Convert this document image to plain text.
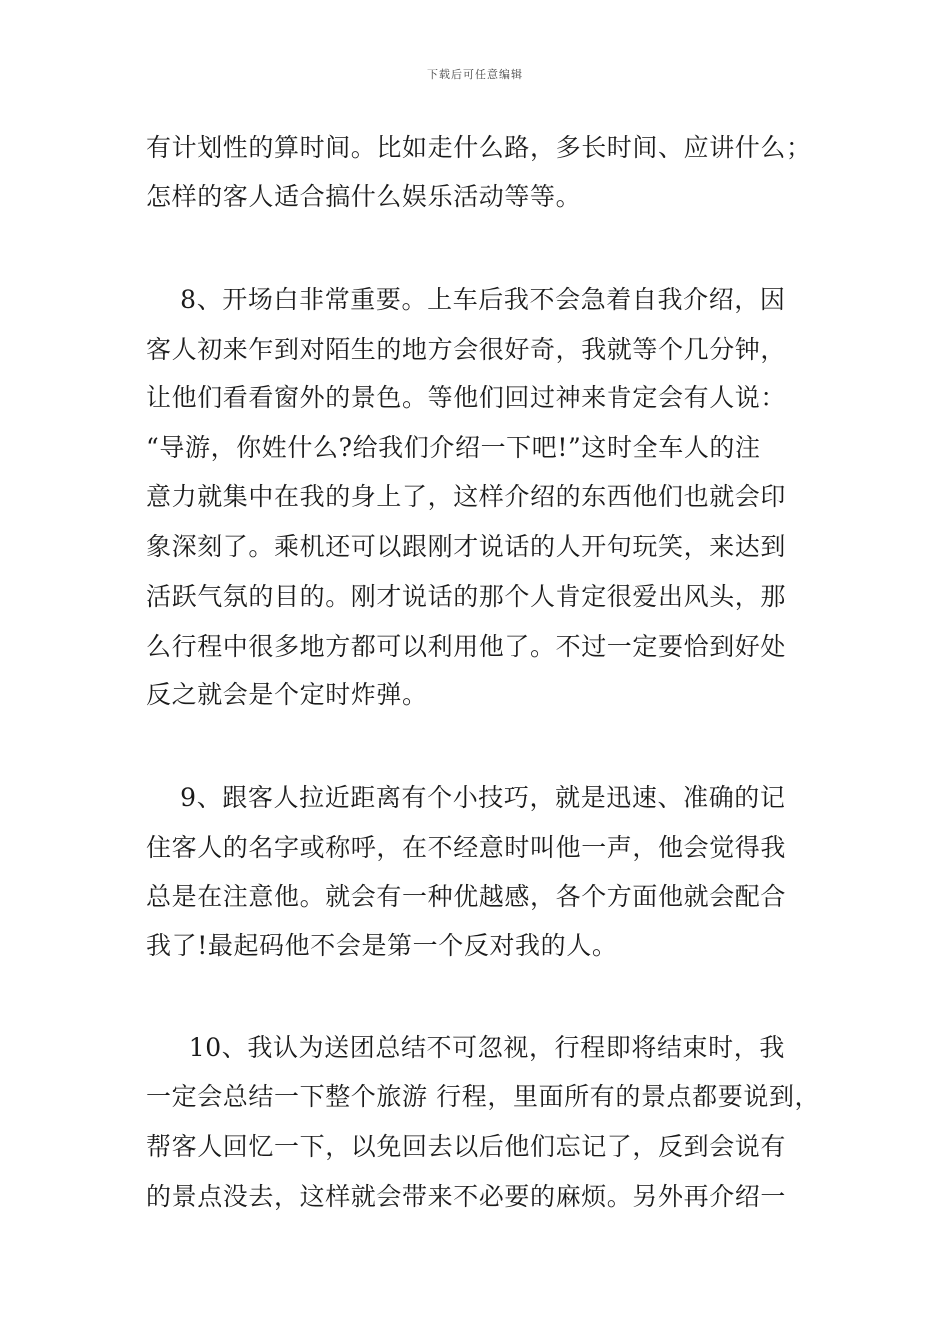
下载后可任意编辑
有计划性的算时间。比如走什么路，多长时间、应讲什么；
怎样的客人适合搞什么娱乐活动等等。
8、开场白非常重要。上车后我不会急着自我介绍，因
客人初来乍到对陌生的地方会很好奇，我就等个几分钟，
让他们看看窗外的景色。等他们回过神来肯定会有人说：
“导游，你姓什么?给我们介绍一下吧!”这时全车人的注
意力就集中在我的身上了，这样介绍的东西他们也就会印
象深刻了。乘机还可以跟刚才说话的人开句玩笑，来达到
活跃气氛的目的。刚才说话的那个人肯定很爱出风头，那
么行程中很多地方都可以利用他了。不过一定要恰到好处
反之就会是个定时炸弹。
9、跟客人拉近距离有个小技巧，就是迅速、准确的记
住客人的名字或称呼，在不经意时叫他一声，他会觉得我
总是在注意他。就会有一种优越感，各个方面他就会配合
我了!最起码他不会是第一个反对我的人。
10、我认为送团总结不可忽视，行程即将结束时，我
一定会总结一下整个旅游 行程，里面所有的景点都要说到，
帮客人回忆一下，以免回去以后他们忘记了，反到会说有
的景点没去，这样就会带来不必要的麻烦。另外再介绍一
